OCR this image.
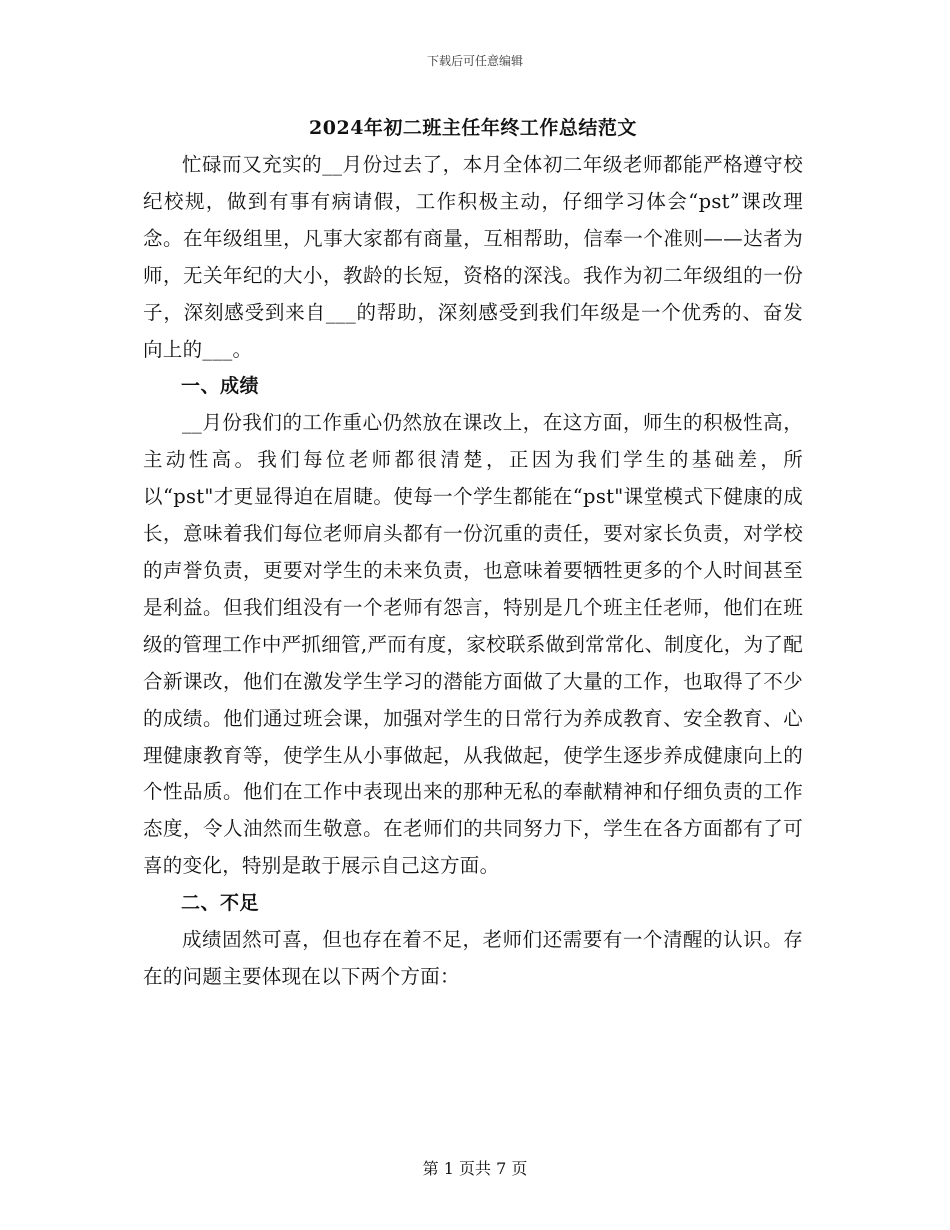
下载后可任意编辑
2024年初二班主任年终工作总结范文

忙碌而又充实的__月份过去了，本月全体初二年级老师都能严格遵守校纪校规，做到有事有病请假，工作积极主动，仔细学习体会“pst”课改理念。在年级组里，凡事大家都有商量，互相帮助，信奉一个准则——达者为师，无关年纪的大小，教龄的长短，资格的深浅。我作为初二年级组的一份子，深刻感受到来自___的帮助，深刻感受到我们年级是一个优秀的、奋发向上的___。

一、成绩

__月份我们的工作重心仍然放在课改上，在这方面，师生的积极性高，主动性高。我们每位老师都很清楚，正因为我们学生的基础差，所以“pst"才更显得迫在眉睫。使每一个学生都能在“pst"课堂模式下健康的成长，意味着我们每位老师肩头都有一份沉重的责任，要对家长负责，对学校的声誉负责，更要对学生的未来负责，也意味着要牺牲更多的个人时间甚至是利益。但我们组没有一个老师有怨言，特别是几个班主任老师，他们在班级的管理工作中严抓细管,严而有度，家校联系做到常常化、制度化，为了配合新课改，他们在激发学生学习的潜能方面做了大量的工作，也取得了不少的成绩。他们通过班会课，加强对学生的日常行为养成教育、安全教育、心理健康教育等，使学生从小事做起，从我做起，使学生逐步养成健康向上的个性品质。他们在工作中表现出来的那种无私的奉献精神和仔细负责的工作态度，令人油然而生敬意。在老师们的共同努力下，学生在各方面都有了可喜的变化，特别是敢于展示自己这方面。

二、不足

成绩固然可喜，但也存在着不足，老师们还需要有一个清醒的认识。存在的问题主要体现在以下两个方面：

第 1 页共 7 页
